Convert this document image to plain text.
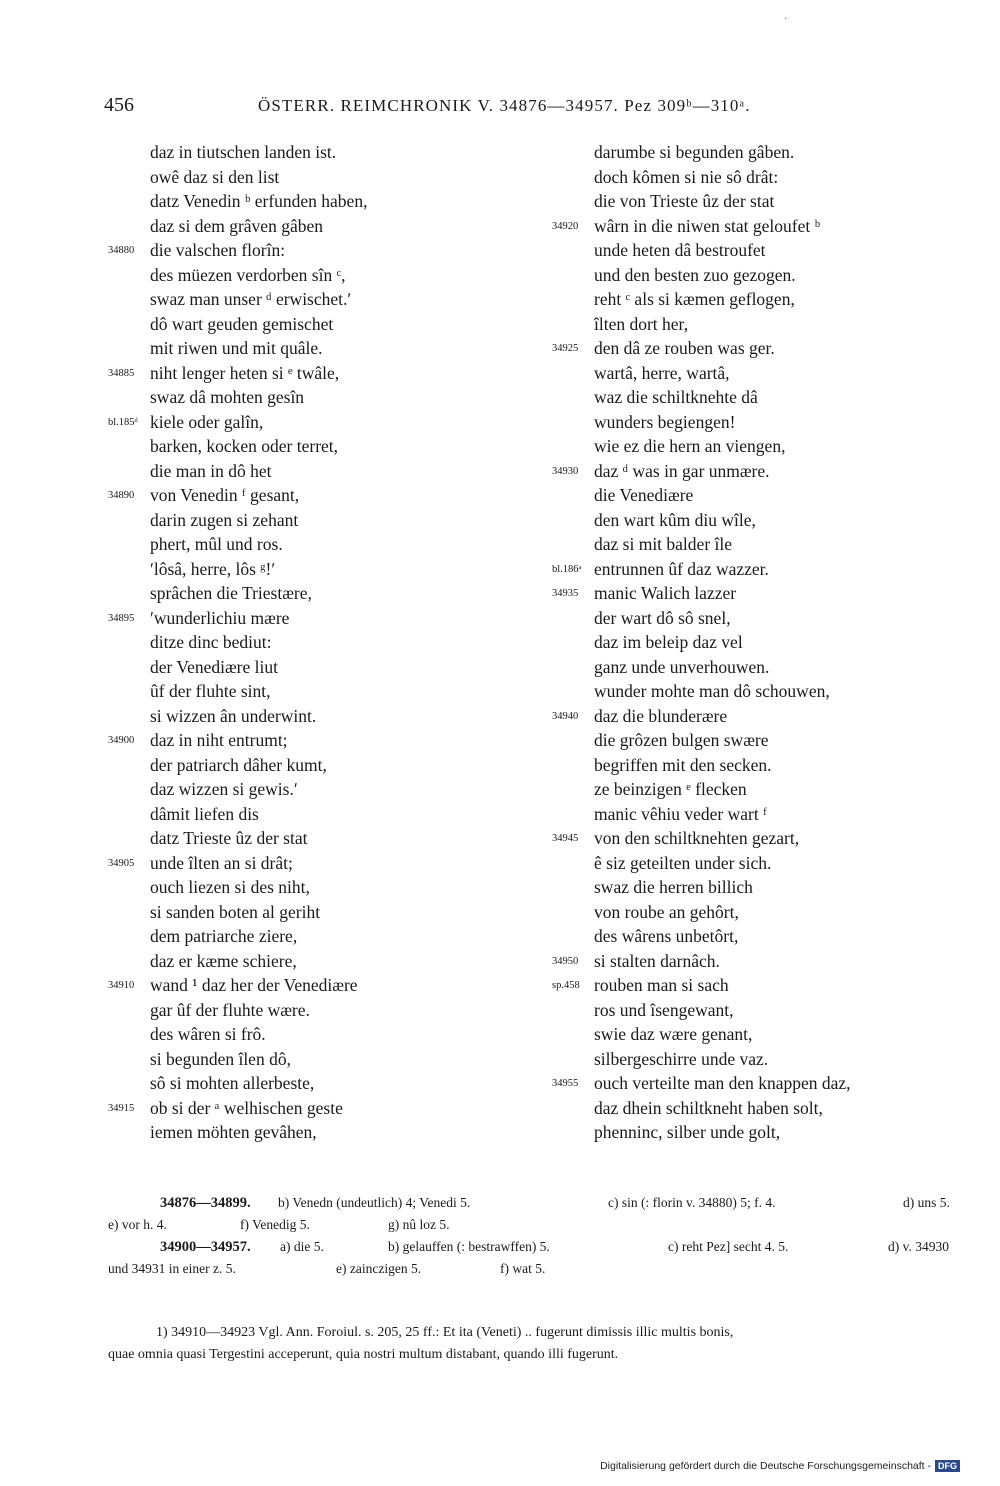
·
456	ÖSTERR. REIMCHRONIK V. 34876—34957. Pez 309ᵇ—310ᵃ.
daz in tiutschen landen ist.
owê daz si den list
datz Venedin ᵇ erfunden haben,
daz si dem grâven gâben
34880 die valschen florîn:
des müezen verdorben sîn ᶜ,
swaz man unser ᵈ erwischet.ʹ
dô wart geuden gemischet
mit riwen und mit quâle.
34885 niht lenger heten si ᵉ twâle,
swaz dâ mohten gesîn
bl.185ᵈ kiele oder galîn,
barken, kocken oder terret,
die man in dô het
34890 von Venedin ᶠ gesant,
darin zugen si zehant
phert, mûl und ros.
ʹlôsâ, herre, lôs ᵍ!ʹ
sprâchen die Triestære,
34895 ʹwunderlichiu mære
ditze dinc bediut:
der Venediære liut
ûf der fluhte sint,
si wizzen ân underwint.
34900 daz in niht entrumt;
der patriarch dâher kumt,
daz wizzen si gewis.ʹ
dâmit liefen dis
datz Trieste ûz der stat
34905 unde îlten an si drât;
ouch liezen si des niht,
si sanden boten al geriht
dem patriarche ziere,
daz er kæme schiere,
34910 wand ¹ daz her der Venediære
gar ûf der fluhte wære.
des wâren si frô.
si begunden îlen dô,
sô si mohten allerbeste,
34915 ob si der ᵃ welhischen geste
iemen möhten gevâhen,
darumbe si begunden gâben.
doch kômen si nie sô drât:
die von Trieste ûz der stat
34920 wârn in die niwen stat geloufet ᵇ
unde heten dâ bestroufet
und den besten zuo gezogen.
reht ᶜ als si kæmen geflogen,
îlten dort her,
34925 den dâ ze rouben was ger.
wartâ, herre, wartâ,
waz die schiltknehte dâ
wunders begiengen!
wie ez die hern an viengen,
34930 daz ᵈ was in gar unmære.
die Venediære
den wart kûm diu wîle,
daz si mit balder île
bl.186ᵃ entrunnen ûf daz wazzer.
34935 manic Walich lazzer
der wart dô sô snel,
daz im beleip daz vel
ganz unde unverhouwen.
wunder mohte man dô schouwen,
34940 daz die blunderære
die grôzen bulgen swære
begriffen mit den secken.
ze beinzigen ᵉ flecken
manic vêhiu veder wart ᶠ
34945 von den schiltknehten gezart,
ê siz geteilten under sich.
swaz die herren billich
von roube an gehôrt,
des wârens unbetôrt,
34950 si stalten darnâch.
sp.458 rouben man si sach
ros und îsengewant,
swie daz wære genant,
silbergeschirre unde vaz.
34955 ouch verteilte man den knappen daz,
daz dhein schiltkneht haben solt,
phenninc, silber unde golt,
34876—34899. b) Venedn (undeutlich) 4; Venedi 5.	c) sin (: florin v. 34880) 5; f. 4.	d) uns 5.
e) vor h. 4.	f) Venedig 5.	g) nû loz 5.
34900—34957. a) die 5.	b) gelauffen (: bestrawffen) 5.	c) reht Pez] secht 4. 5.	d) v. 34930
und 34931 in einer z. 5.	e) zainczigen 5.	f) wat 5.
1) 34910—34923 Vgl. Ann. Foroiul. s. 205, 25 ff.: Et ita (Veneti) .. fugerunt dimissis illic multis bonis,
quae omnia quasi Tergestini acceperunt, quia nostri multum distabant, quando illi fugerunt.
Digitalisierung gefördert durch die Deutsche Forschungsgemeinschaft - DFG
